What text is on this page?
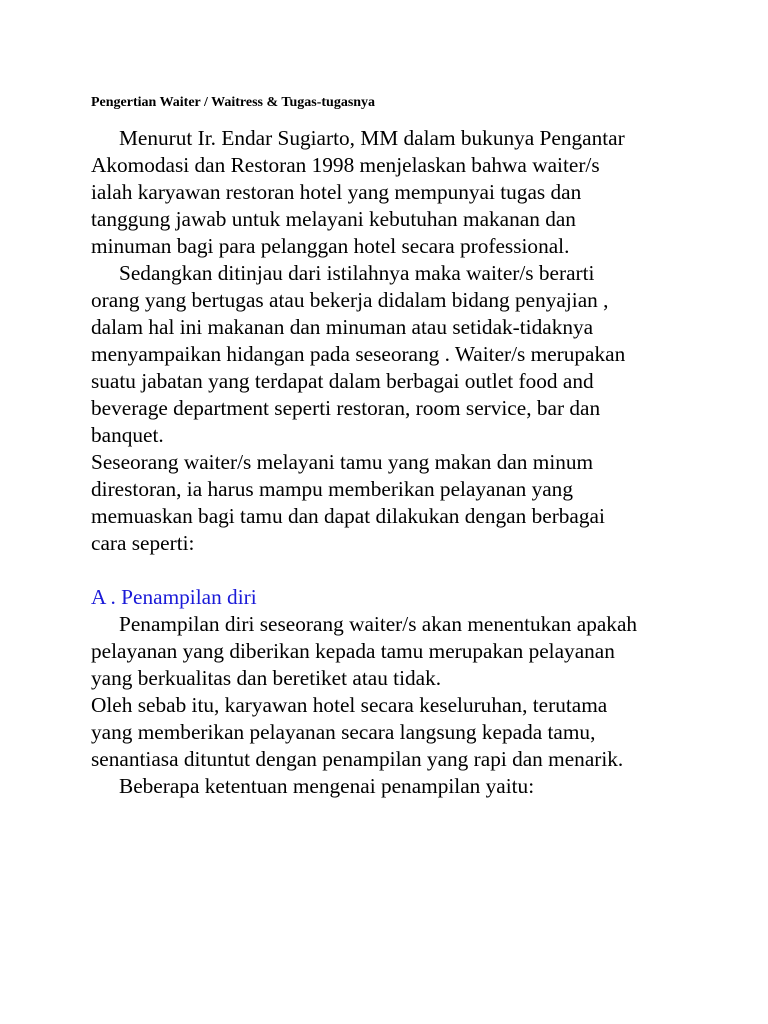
Pengertian Waiter / Waitress & Tugas-tugasnya

Menurut Ir. Endar Sugiarto, MM dalam bukunya Pengantar

Akomodasi dan Restoran 1998 menjelaskan bahwa waiter/s

ialah karyawan restoran hotel yang mempunyai tugas dan

tanggung jawab untuk melayani kebutuhan makanan dan

minuman bagi para pelanggan hotel secara professional.

Sedangkan ditinjau dari istilahnya maka waiter/s berarti

orang yang bertugas atau bekerja didalam bidang penyajian ,

dalam hal ini makanan dan minuman atau setidak-tidaknya

menyampaikan hidangan pada seseorang . Waiter/s merupakan

suatu jabatan yang terdapat dalam berbagai outlet food and

beverage department seperti restoran, room service, bar dan

banquet.

Seseorang waiter/s melayani tamu yang makan dan minum

direstoran, ia harus mampu memberikan pelayanan yang

memuaskan bagi tamu dan dapat dilakukan dengan berbagai

cara seperti:

A . Penampilan diri

Penampilan diri seseorang waiter/s akan menentukan apakah

pelayanan yang diberikan kepada tamu merupakan pelayanan

yang berkualitas dan beretiket atau tidak.

Oleh sebab itu, karyawan hotel secara keseluruhan, terutama

yang memberikan pelayanan secara langsung kepada tamu,

senantiasa dituntut dengan penampilan yang rapi dan menarik.

Beberapa ketentuan mengenai penampilan yaitu:
